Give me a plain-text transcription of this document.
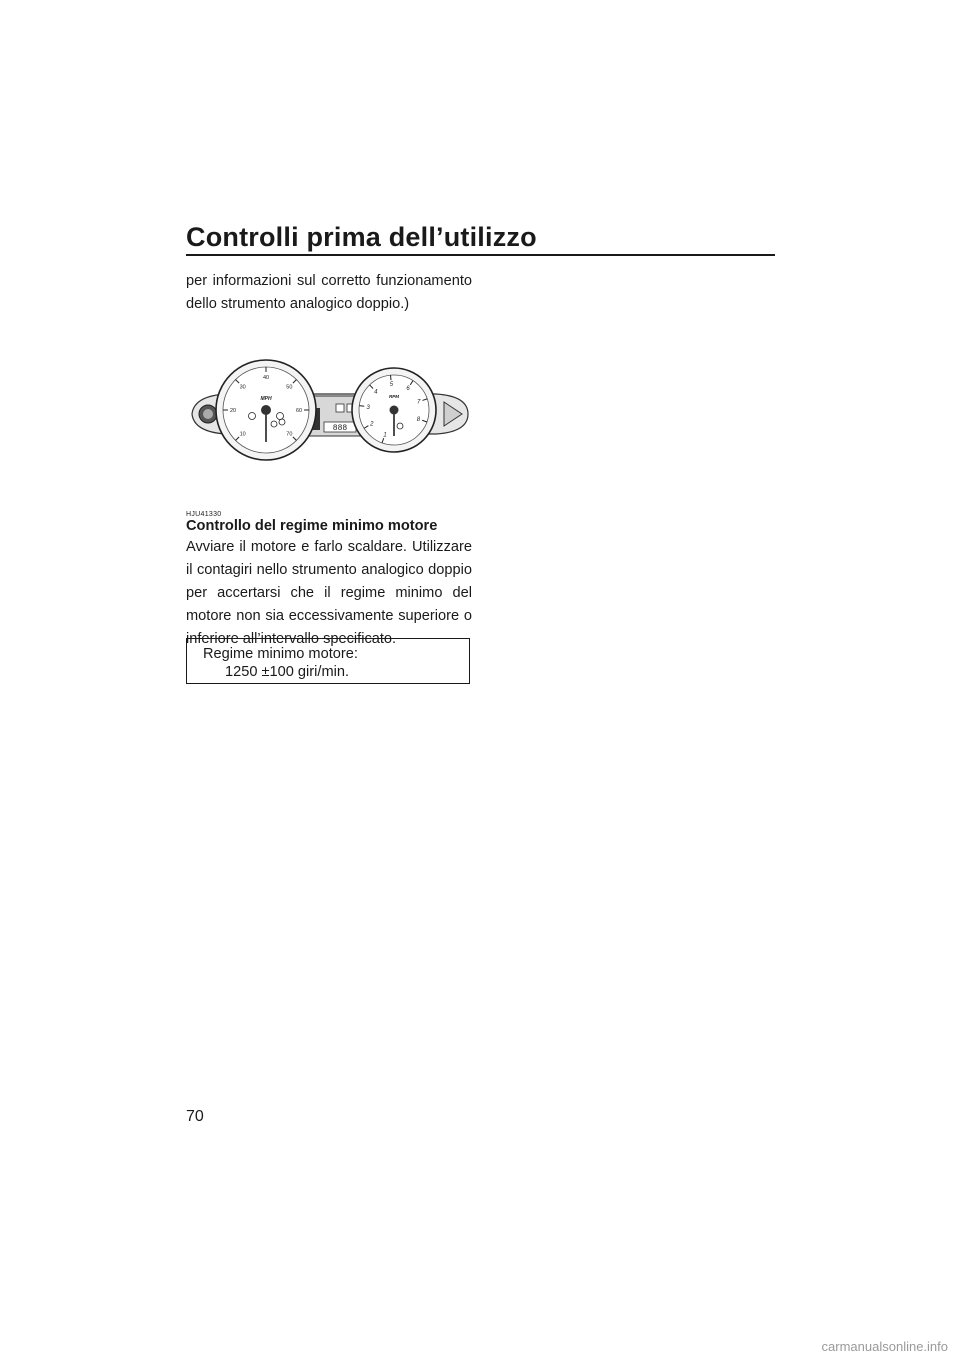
Controlli prima dell’utilizzo

per informazioni sul corretto funzionamento dello strumento analogico doppio.)

888
10
20
30
40
50
60
70
MPH
1
2
3
4
5
6
7
8
RPM
HJU41330
Controllo del regime minimo motore

Avviare il motore e farlo scaldare. Utilizzare il contagiri nello strumento analogico doppio per accertarsi che il regime minimo del motore non sia eccessivamente superiore o inferiore all’intervallo specificato.

Regime minimo motore:
1250 ±100 giri/min.
70
carmanualsonline.info
